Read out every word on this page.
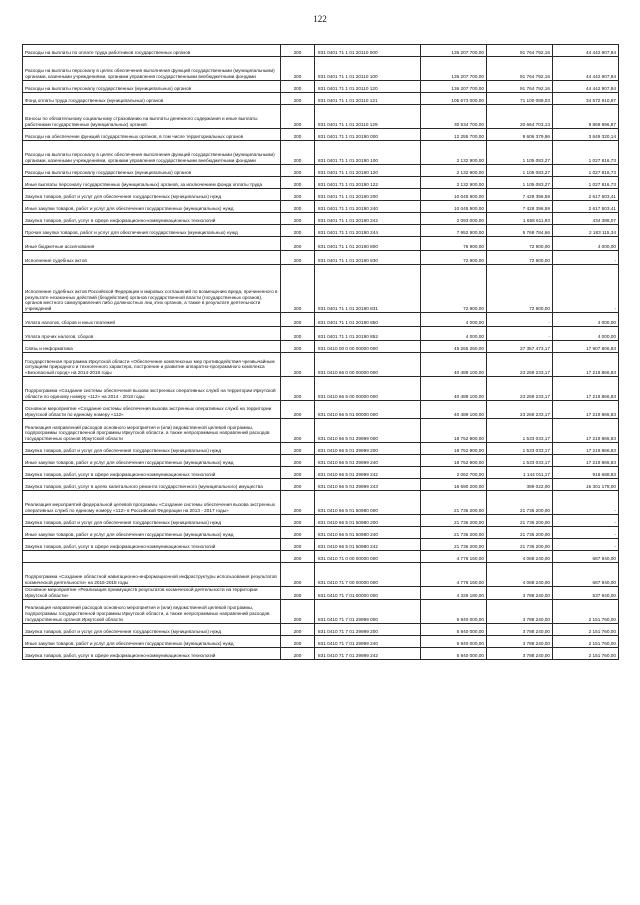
122
Расходы на выплаты по оплате труда работников государственных органов	200	831 0401 71 1 01 20110 000	136 207 700,00	91 764 792,16	44 442 907,84
Расходы на выплаты персоналу в целях обеспечения выполнения функций государственными (муниципальными) органами, казенными учреждениями, органами управления государственными внебюджетными фондами	200	831 0401 71 1 01 20110 100	136 207 700,00	91 764 792,16	44 442 907,84
Расходы на выплаты персоналу государственных (муниципальных) органов	200	831 0401 71 1 01 20110 120	136 207 700,00	91 764 792,16	44 442 907,84
Фонд оплаты труда государственных (муниципальных) органов	200	831 0401 71 1 01 20110 121	105 673 000,00	71 100 089,03	34 572 910,97
Взносы по обязательному социальному страхованию на выплаты денежного содержания и иные выплаты работникам государственных (муниципальных) органов	200	831 0401 71 1 01 20110 129	30 534 700,00	20 664 703,13	9 869 996,87
Расходы на обеспечение функций государственных органов, в том числе территориальных органов	200	831 0401 71 1 01 20190 000	12 255 700,00	8 606 379,86	3 649 320,14
Расходы на выплаты персоналу в целях обеспечения выполнения функций государственными (муниципальными) органами, казенными учреждениями, органами управления государственными внебюджетными фондами	200	831 0401 71 1 01 20190 100	2 132 900,00	1 105 083,27	1 027 816,73
Расходы на выплаты персоналу государственных (муниципальных) органов	200	831 0401 71 1 01 20190 120	2 132 900,00	1 105 083,27	1 027 816,73
Иные выплаты персоналу государственных (муниципальных) органов, за исключением фонда оплаты труда	200	831 0401 71 1 01 20190 122	2 132 900,00	1 105 083,27	1 027 816,73
Закупка товаров, работ и услуг для обеспечения государственных (муниципальных) нужд	200	831 0401 71 1 01 20190 200	10 045 900,00	7 428 396,59	2 617 503,41
Иные закупки товаров, работ и услуг для обеспечения государственных (муниципальных) нужд	200	831 0401 71 1 01 20190 240	10 045 900,00	7 428 396,59	2 617 503,41
Закупка товаров, работ, услуг в сфере информационно-коммуникационных технологий	200	831 0401 71 1 01 20190 242	2 093 000,00	1 658 611,93	434 388,07
Прочая закупка товаров, работ и услуг для обеспечения государственных (муниципальных) нужд	200	831 0401 71 1 01 20190 244	7 952 900,00	5 769 784,66	2 183 115,34
Иные бюджетные ассигнования	200	831 0401 71 1 01 20190 800	76 900,00	72 900,00	4 000,00
Исполнение судебных актов	200	831 0401 71 1 01 20190 830	72 900,00	72 900,00	-
Исполнение судебных актов Российской Федерации и мировых соглашений по возмещению вреда, причиненного в результате незаконных действий (бездействия) органов государственной власти (государственных органов), органов местного самоуправления либо должностных лиц этих органов, а также в результате деятельности учреждений	200	831 0401 71 1 01 20190 831	72 900,00	72 900,00	-
Уплата налогов, сборов и иных платежей	200	831 0401 71 1 01 20190 850	4 000,00	-	4 000,00
Уплата прочих налогов, сборов	200	831 0401 71 1 01 20190 852	4 000,00	-	4 000,00
Связь и информатика	200	831 0410 00 0 00 00000 000	45 265 260,00	27 357 473,17	17 907 806,83
Государственная программа Иркутской области «Обеспечение комплексных мер противодействия чрезвычайным ситуациям природного и техногенного характера, построение и развитие аппаратно-программного комплекса «Безопасный город» на 2014-2018 годы	200	831 0410 66 0 00 00000 000	40 489 100,00	23 269 233,17	17 219 866,83
Подпрограмма «Создание системы обеспечения вызова экстренных оперативных служб на территории Иркутской области по единому номеру «112» на 2014 - 2018 годы	200	831 0410 66 5 00 00000 000	40 489 100,00	23 269 233,17	17 219 866,83
Основное мероприятие «Создание системы обеспечения вызова экстренных оперативных служб на территории Иркутской области по единому номеру «112»	200	831 0410 66 5 01 00000 000	40 489 100,00	23 269 233,17	17 219 866,83
Реализация направлений расходов основного мероприятия и (или) ведомственной целевой программы, подпрограммы государственной программы Иркутской области, а также непрограммных направлений расходов государственных органов Иркутской области	200	831 0410 66 5 01 29999 000	18 752 900,00	1 533 033,17	17 219 866,83
Закупка товаров, работ и услуг для обеспечения государственных (муниципальных) нужд	200	831 0410 66 5 01 29999 200	18 752 900,00	1 533 033,17	17 219 866,83
Иные закупки товаров, работ и услуг для обеспечения государственных (муниципальных) нужд	200	831 0410 66 5 01 29999 240	18 752 900,00	1 533 033,17	17 219 866,83
Закупка товаров, работ, услуг в сфере информационно-коммуникационных технологий	200	831 0410 66 5 01 29999 242	2 062 700,00	1 144 011,17	918 688,83
Закупка товаров, работ, услуг в целях капитального ремонта государственного (муниципального) имущества	200	831 0410 66 5 01 29999 243	16 690 200,00	389 022,00	16 301 178,00
Реализация мероприятий федеральной целевой программы «Создание системы обеспечения вызова экстренных оперативных служб по единому номеру «112» в Российской Федерации на 2013 - 2017 годы»	200	831 0410 66 5 01 50980 000	21 736 200,00	21 736 200,00	-
Закупка товаров, работ и услуг для обеспечения государственных (муниципальных) нужд	200	831 0410 66 5 01 50980 200	21 736 200,00	21 736 200,00	-
Иные закупки товаров, работ и услуг для обеспечения государственных (муниципальных) нужд	200	831 0410 66 5 01 50980 240	21 736 200,00	21 736 200,00	-
Закупка товаров, работ, услуг в сфере информационно-коммуникационных технологий	200	831 0410 66 5 01 50980 242	21 736 200,00	21 736 200,00	-
	200	831 0410 71 0 00 00000 000	4 776 160,00	4 088 240,00	687 940,00
Подпрограмма «Создание областной навигационно-информационной инфраструктуры использования результатов космической деятельности» на 2015-2018 годы	200	831 0410 71 7 00 00000 000	4 776 160,00	4 088 240,00	687 940,00
Основное мероприятие «Реализация преимуществ результатов космической деятельности на территории Иркутской области»	200	831 0410 71 7 01 00000 000	4 326 180,00	3 788 240,00	537 940,00
Реализация направлений расходов основного мероприятия и (или) ведомственной целевой программы, подпрограммы государственной программы Иркутской области, а также непрограммных направлений расходов государственных органов Иркутской области	200	831 0410 71 7 01 29999 000	5 940 000,00	3 788 240,00	2 151 760,00
Закупка товаров, работ и услуг для обеспечения государственных (муниципальных) нужд	200	831 0410 71 7 01 29999 200	5 940 000,00	3 788 240,00	2 151 760,00
Иные закупки товаров, работ и услуг для обеспечения государственных (муниципальных) нужд	200	831 0410 71 7 01 29999 240	5 940 000,00	3 788 240,00	2 151 760,00
Закупка товаров, работ, услуг в сфере информационно-коммуникационных технологий	200	831 0410 71 7 01 29999 242	5 940 000,00	3 788 240,00	2 151 760,00
